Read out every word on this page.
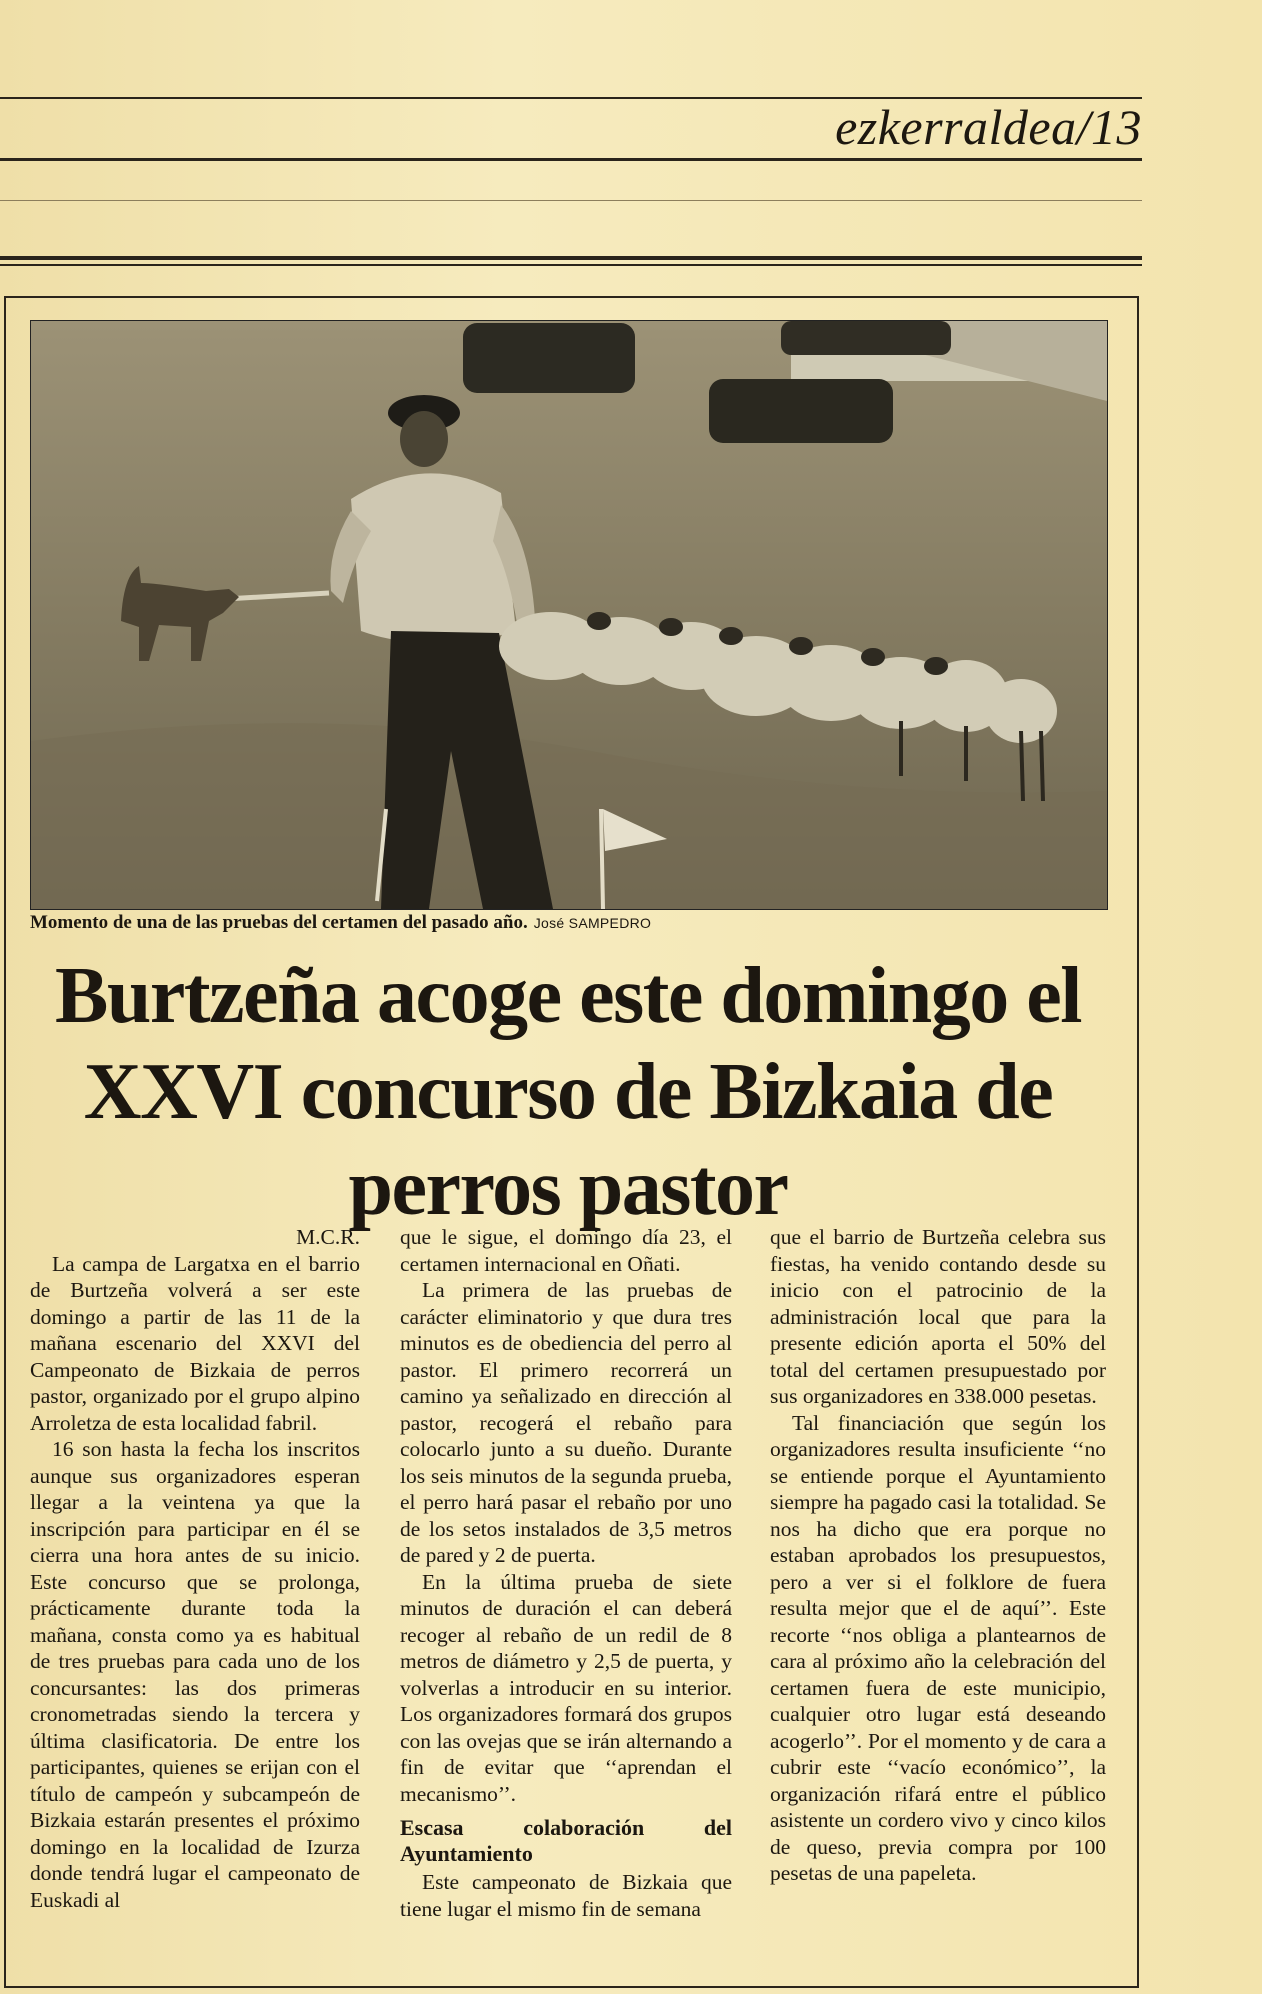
ezkerraldea/13
Momento de una de las pruebas del certamen del pasado año. José SAMPEDRO
Burtzeña acoge este domingo el XXVI concurso de Bizkaia de perros pastor

M.C.R.

La campa de Largatxa en el barrio de Burtzeña volverá a ser este domingo a partir de las 11 de la mañana escenario del XXVI del Campeonato de Bizkaia de perros pastor, organizado por el grupo alpino Arroletza de esta localidad fabril.

16 son hasta la fecha los inscritos aunque sus organizadores esperan llegar a la veintena ya que la inscripción para participar en él se cierra una hora antes de su inicio. Este concurso que se prolonga, prácticamente durante toda la mañana, consta como ya es habitual de tres pruebas para cada uno de los concursantes: las dos primeras cronometradas siendo la tercera y última clasificatoria. De entre los participantes, quienes se erijan con el título de campeón y subcampeón de Bizkaia estarán presentes el próximo domingo en la localidad de Izurza donde tendrá lugar el campeonato de Euskadi al

que le sigue, el domingo día 23, el certamen internacional en Oñati.

La primera de las pruebas de carácter eliminatorio y que dura tres minutos es de obediencia del perro al pastor. El primero recorrerá un camino ya señalizado en dirección al pastor, recogerá el rebaño para colocarlo junto a su dueño. Durante los seis minutos de la segunda prueba, el perro hará pasar el rebaño por uno de los setos instalados de 3,5 metros de pared y 2 de puerta.

En la última prueba de siete minutos de duración el can deberá recoger al rebaño de un redil de 8 metros de diámetro y 2,5 de puerta, y volverlas a introducir en su interior. Los organizadores formará dos grupos con las ovejas que se irán alternando a fin de evitar que ‘‘aprendan el mecanismo’’.

Escasa colaboración del Ayuntamiento

Este campeonato de Bizkaia que tiene lugar el mismo fin de semana

que el barrio de Burtzeña celebra sus fiestas, ha venido contando desde su inicio con el patrocinio de la administración local que para la presente edición aporta el 50% del total del certamen presupuestado por sus organizadores en 338.000 pesetas.

Tal financiación que según los organizadores resulta insuficiente ‘‘no se entiende porque el Ayuntamiento siempre ha pagado casi la totalidad. Se nos ha dicho que era porque no estaban aprobados los presupuestos, pero a ver si el folklore de fuera resulta mejor que el de aquí’’. Este recorte ‘‘nos obliga a plantearnos de cara al próximo año la celebración del certamen fuera de este municipio, cualquier otro lugar está deseando acogerlo’’. Por el momento y de cara a cubrir este ‘‘vacío económico’’, la organización rifará entre el público asistente un cordero vivo y cinco kilos de queso, previa compra por 100 pesetas de una papeleta.
